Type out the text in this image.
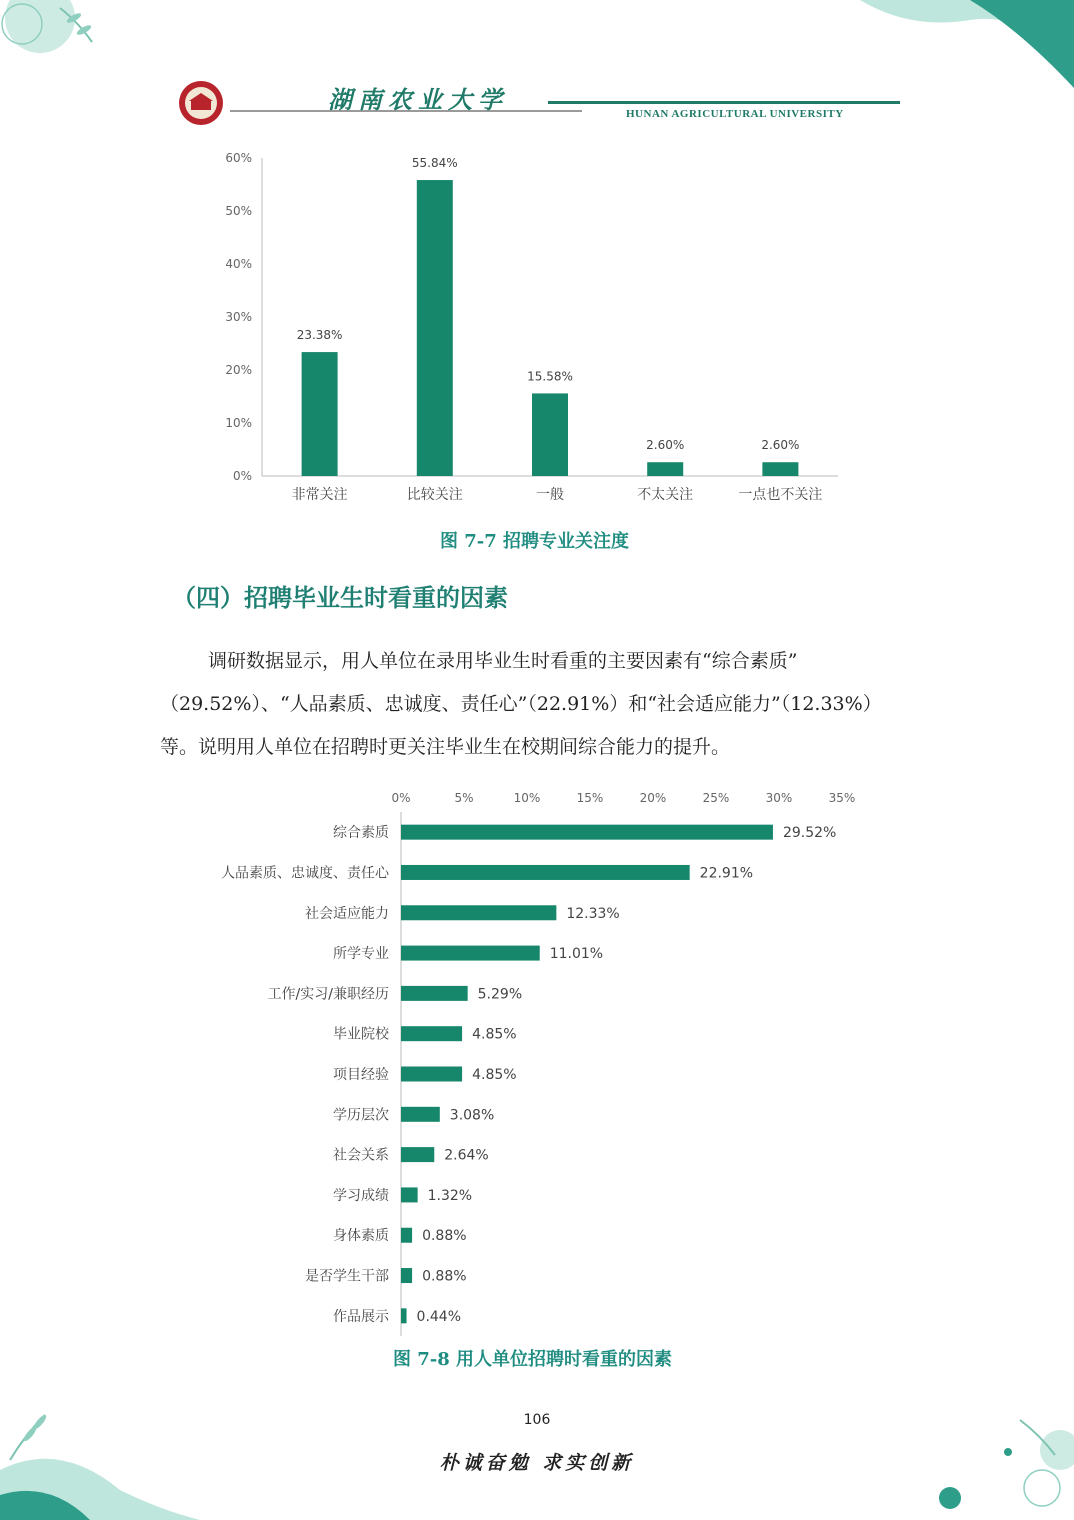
湖南农业大学	HUNAN AGRICULTURAL UNIVERSITY
0%
10%
20%
30%
40%
50%
60%
23.38%
非常关注
55.84%
比较关注
15.58%
一般
2.60%
不太关注
2.60%
一点也不关注
图 7-7 招聘专业关注度
（四）招聘毕业生时看重的因素
调研数据显示，用人单位在录用毕业生时看重的主要因素有“综合素质”
（29.52%）、“人品素质、忠诚度、责任心”（22.91%）和“社会适应能力”（12.33%）
等。说明用人单位在招聘时更关注毕业生在校期间综合能力的提升。
0%	5%	10%	15%	20%	25%	30%	35%
29.52%
综合素质
22.91%
人品素质、忠诚度、责任心
12.33%
社会适应能力
11.01%
所学专业
5.29%
工作/实习/兼职经历
4.85%
毕业院校
4.85%
项目经验
3.08%
学历层次
2.64%
社会关系
1.32%
学习成绩
0.88%
身体素质
0.88%
是否学生干部
0.44%
作品展示
图 7-8 用人单位招聘时看重的因素
106
朴诚奋勉 求实创新
